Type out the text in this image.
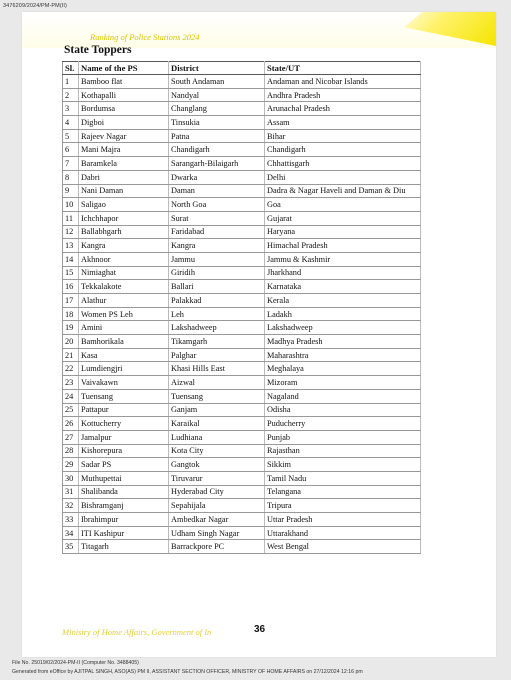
3476209/2024/PM-PM(II)
Ranking of Police Stations 2024
State Toppers
Sl.	Name of the PS	District	State/UT
1	Bamboo flat	South Andaman	Andaman and Nicobar Islands
2	Kothapalli	Nandyal	Andhra Pradesh
3	Bordumsa	Changlang	Arunachal Pradesh
4	Digboi	Tinsukia	Assam
5	Rajeev Nagar	Patna	Bihar
6	Mani Majra	Chandigarh	Chandigarh
7	Baramkela	Sarangarh-Bilaigarh	Chhattisgarh
8	Dabri	Dwarka	Delhi
9	Nani Daman	Daman	Dadra & Nagar Haveli and Daman & Diu
10	Saligao	North Goa	Goa
11	Ichchhapor	Surat	Gujarat
12	Ballabhgarh	Faridabad	Haryana
13	Kangra	Kangra	Himachal Pradesh
14	Akhnoor	Jammu	Jammu & Kashmir
15	Nimiaghat	Giridih	Jharkhand
16	Tekkalakote	Ballari	Karnataka
17	Alathur	Palakkad	Kerala
18	Women PS Leh	Leh	Ladakh
19	Amini	Lakshadweep	Lakshadweep
20	Bamhorikala	Tikamgarh	Madhya Pradesh
21	Kasa	Palghar	Maharashtra
22	Lumdiengjri	Khasi Hills East	Meghalaya
23	Vaivakawn	Aizwal	Mizoram
24	Tuensang	Tuensang	Nagaland
25	Pattapur	Ganjam	Odisha
26	Kottucherry	Karaikal	Puducherry
27	Jamalpur	Ludhiana	Punjab
28	Kishorepura	Kota City	Rajasthan
29	Sadar PS	Gangtok	Sikkim
30	Muthupettai	Tiruvarur	Tamil Nadu
31	Shalibanda	Hyderabad City	Telangana
32	Bishramganj	Sepahijala	Tripura
33	Ibrahimpur	Ambedkar Nagar	Uttar Pradesh
34	ITI Kashipur	Udham Singh Nagar	Uttarakhand
35	Titagarh	Barrackpore PC	West Bengal
Ministry of Home Affairs, Government of In	36
File No. 25019/02/2024-PM-II (Computer No. 3488405)
Generated from eOffice by AJITPAL SINGH, ASO(AS) PM II, ASSISTANT SECTION OFFICER, MINISTRY OF HOME AFFAIRS on 27/12/2024 12:16 pm
